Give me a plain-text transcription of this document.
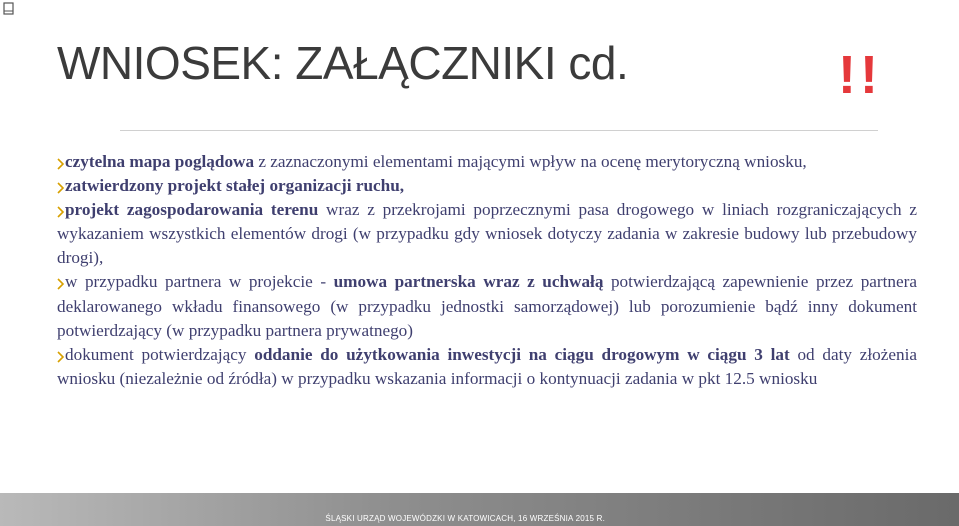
WNIOSEK: ZAŁĄCZNIKI cd.	!!
czytelna mapa poglądowa z zaznaczonymi elementami mającymi wpływ na ocenę merytoryczną wniosku,
zatwierdzony projekt stałej organizacji ruchu,
projekt zagospodarowania terenu wraz z przekrojami poprzecznymi pasa drogowego w liniach rozgraniczających z wykazaniem wszystkich elementów drogi (w przypadku gdy wniosek dotyczy zadania w zakresie budowy lub przebudowy drogi),
w przypadku partnera w projekcie - umowa partnerska wraz z uchwałą potwierdzającą zapewnienie przez partnera deklarowanego wkładu finansowego (w przypadku jednostki samorządowej) lub porozumienie bądź inny dokument potwierdzający (w przypadku partnera prywatnego)
dokument potwierdzający oddanie do użytkowania inwestycji na ciągu drogowym w ciągu 3 lat od daty złożenia wniosku (niezależnie od źródła) w przypadku wskazania informacji o kontynuacji zadania w pkt 12.5 wniosku
ŚLĄSKI URZĄD WOJEWÓDZKI W KATOWICACH, 16 WRZEŚNIA 2015 R.
